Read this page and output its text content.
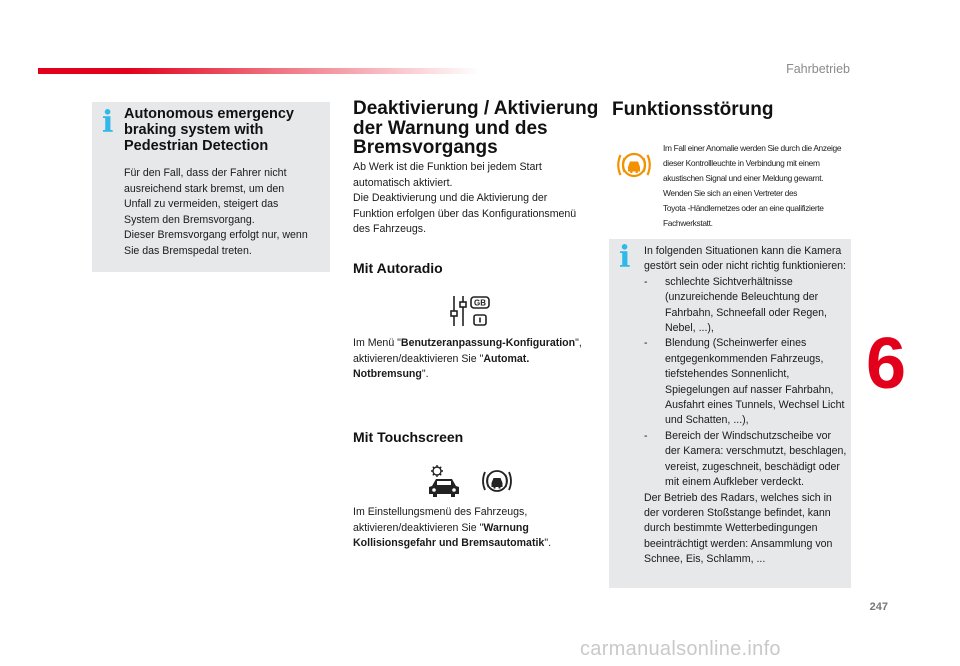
Fahrbetrieb
i Autonomous emergency braking system with Pedestrian Detection

Für den Fall, dass der Fahrer nicht
ausreichend stark bremst, um den
Unfall zu vermeiden, steigert das
System den Bremsvorgang.
Dieser Bremsvorgang erfolgt nur, wenn
Sie das Bremspedal treten.

Deaktivierung / Aktivierung der Warnung und des Bremsvorgangs

Ab Werk ist die Funktion bei jedem Start
automatisch aktiviert.
Die Deaktivierung und die Aktivierung der
Funktion erfolgen über das Konfigurationsmenü
des Fahrzeugs.

Mit Autoradio
GB

Im Menü "Benutzeranpassung-Konfiguration", aktivieren/deaktivieren Sie "Automat. Notbremsung".

Mit Touchscreen

Im Einstellungsmenü des Fahrzeugs, aktivieren/deaktivieren Sie "Warnung Kollisionsgefahr und Bremsautomatik".

Funktionsstörung

Im Fall einer Anomalie werden Sie durch die Anzeige
dieser Kontrollleuchte in Verbindung mit einem
akustischen Signal und einer Meldung gewarnt.
Wenden Sie sich an einen Vertreter des
Toyota -Händlernetzes oder an eine qualifizierte
Fachwerkstatt.

i In folgenden Situationen kann die Kamera gestört sein oder nicht richtig funktionieren:

-	schlechte Sichtverhältnisse (unzureichende Beleuchtung der Fahrbahn, Schneefall oder Regen, Nebel, ...),
-	Blendung (Scheinwerfer eines entgegenkommenden Fahrzeugs, tiefstehendes Sonnenlicht, Spiegelungen auf nasser Fahrbahn, Ausfahrt eines Tunnels, Wechsel Licht und Schatten, ...),
-	Bereich der Windschutzscheibe vor der Kamera: verschmutzt, beschlagen, vereist, zugeschneit, beschädigt oder mit einem Aufkleber verdeckt.

Der Betrieb des Radars, welches sich in der vorderen Stoßstange befindet, kann durch bestimmte Wetterbedingungen beeinträchtigt werden: Ansammlung von Schnee, Eis, Schlamm, ...

6
247
carmanualsonline.info
